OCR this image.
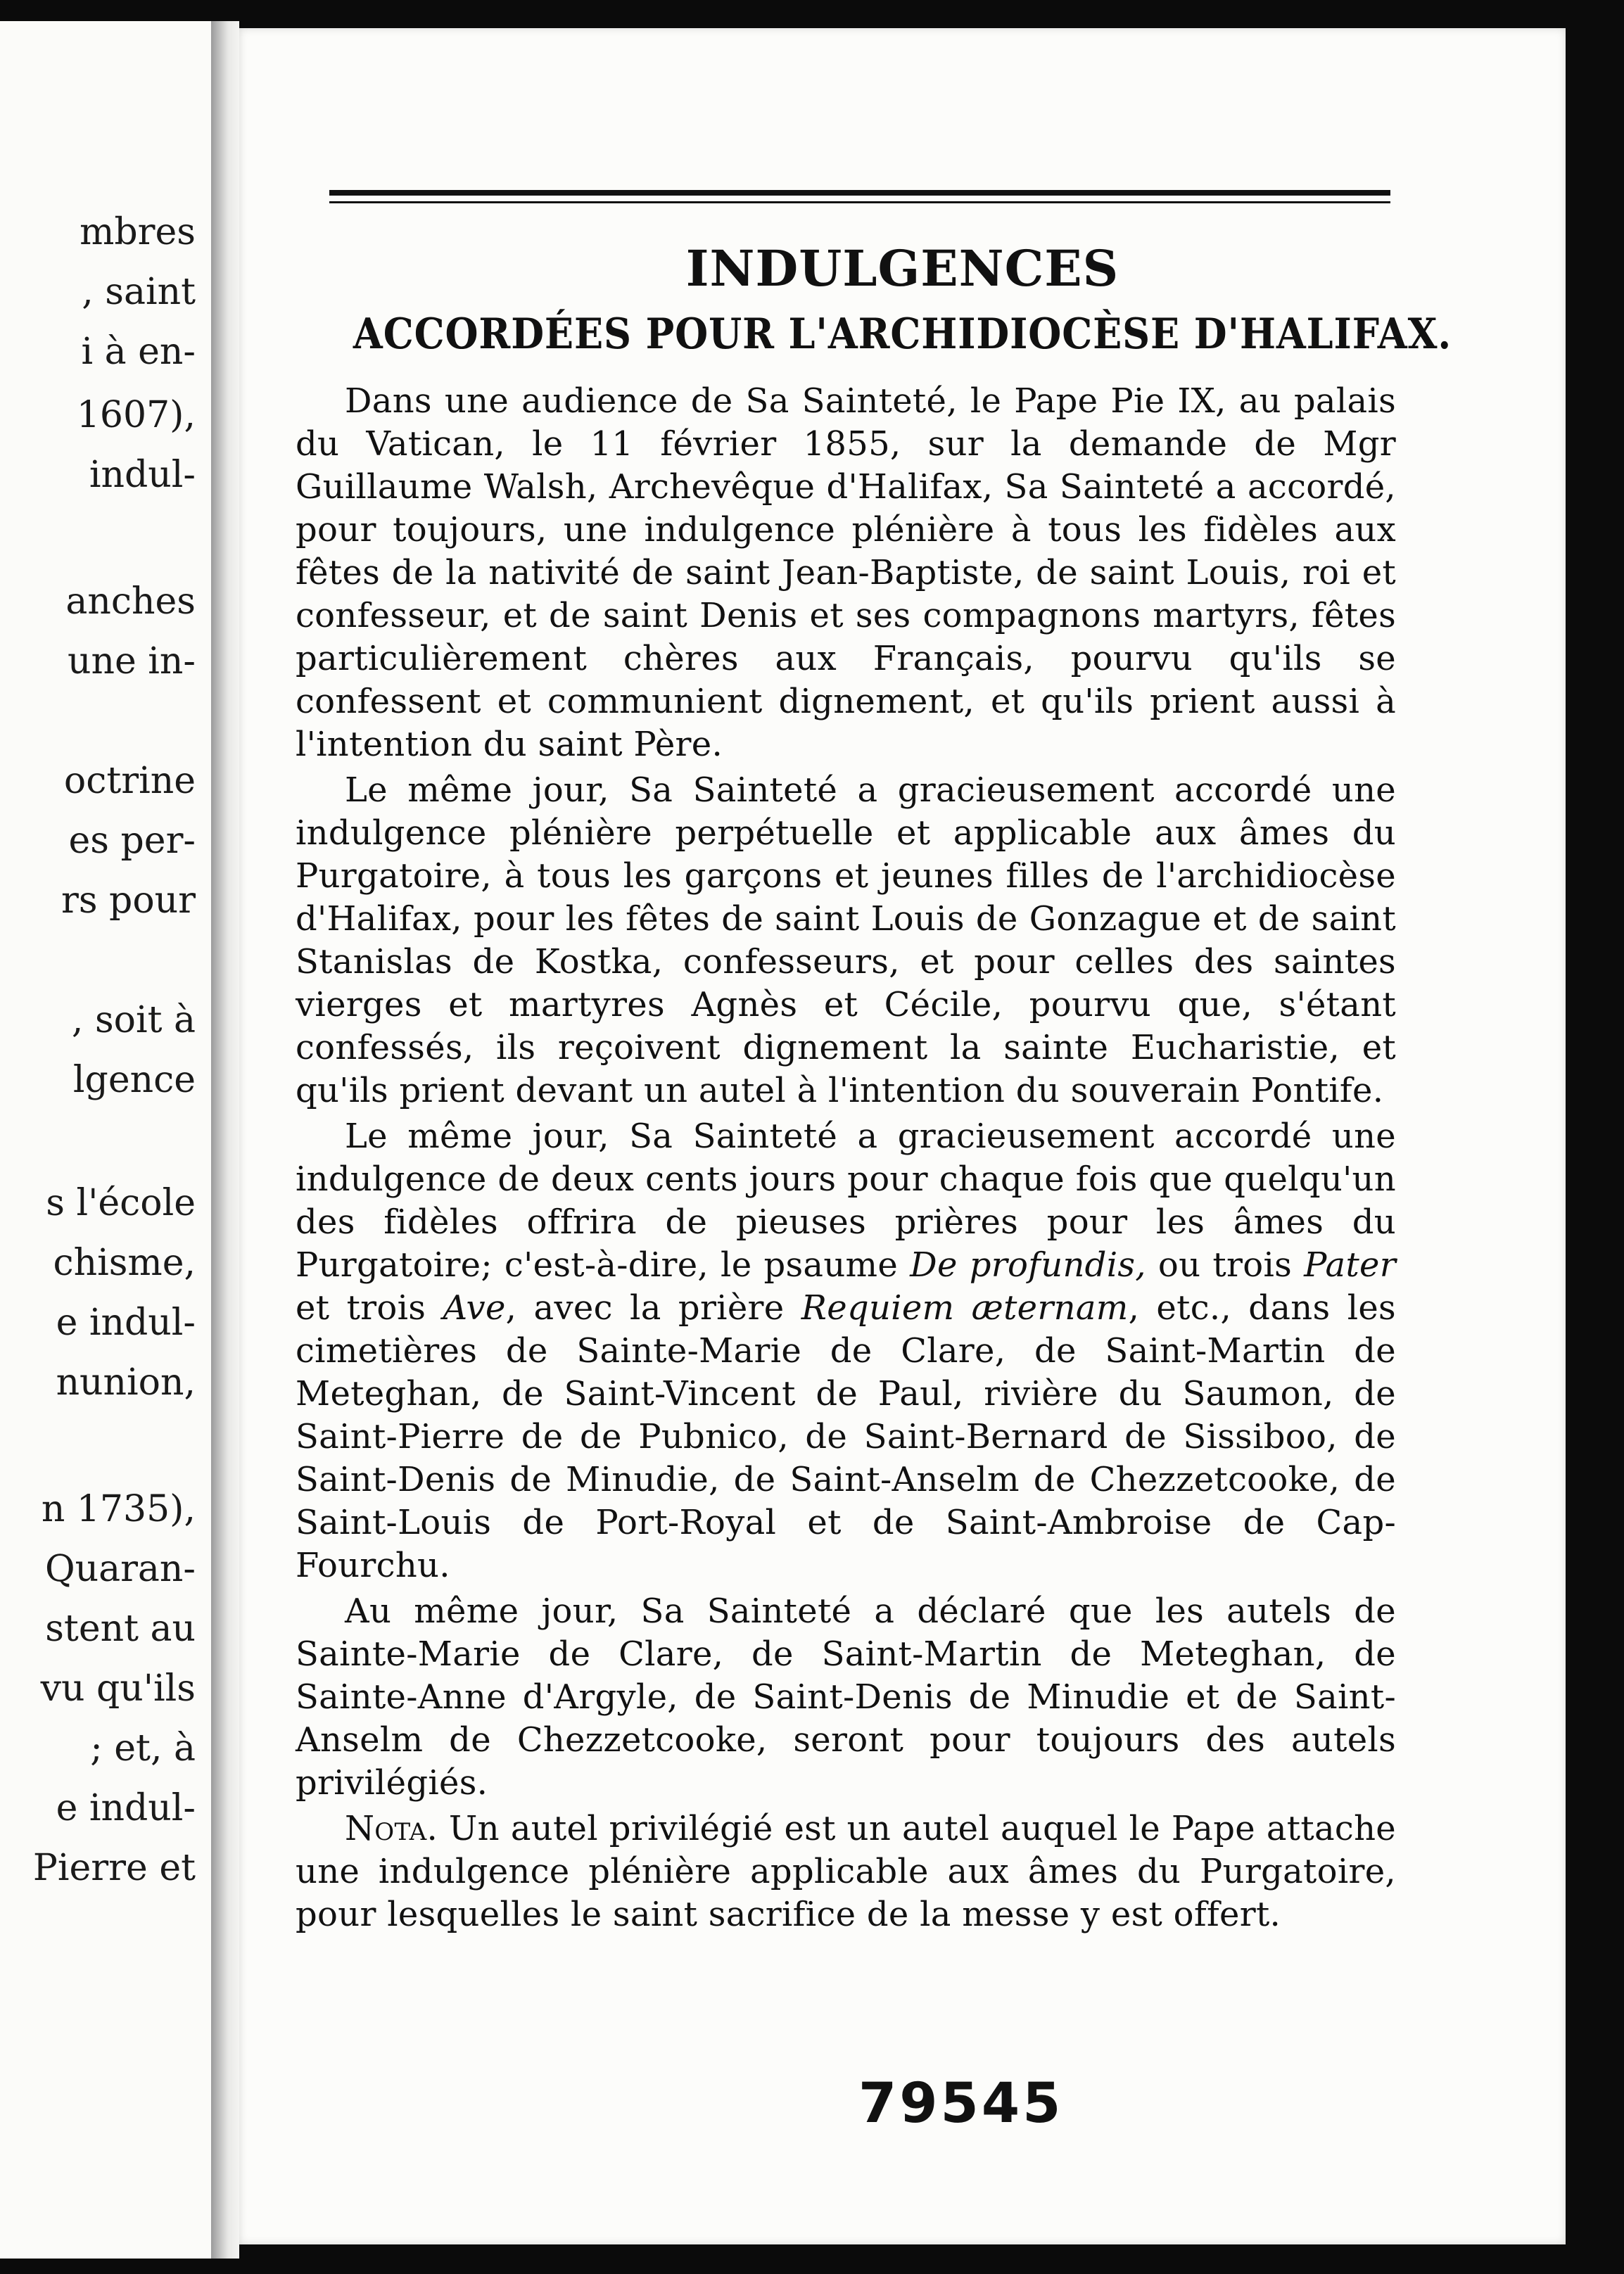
mbres
, saint
i à en-
1607),
indul-
anches
une in-
octrine
es per-
rs pour
, soit à
lgence
s l'école
chisme,
e indul-
nunion,
n 1735),
Quaran-
stent au
vu qu'ils
; et, à
e indul-
Pierre et
INDULGENCES
ACCORDÉES POUR L'ARCHIDIOCÈSE D'HALIFAX.

Dans une audience de Sa Sainteté, le Pape Pie IX, au palais du Vatican, le 11 février 1855, sur la demande de Mgr Guillaume Walsh, Archevêque d'Halifax, Sa Sainteté a accordé, pour toujours, une indulgence plénière à tous les fidèles aux fêtes de la nativité de saint Jean-Baptiste, de saint Louis, roi et confesseur, et de saint Denis et ses compagnons martyrs, fêtes particulièrement chères aux Français, pourvu qu'ils se confessent et communient dignement, et qu'ils prient aussi à l'intention du saint Père.

Le même jour, Sa Sainteté a gracieusement accordé une indulgence plénière perpétuelle et applicable aux âmes du Purgatoire, à tous les garçons et jeunes filles de l'archidiocèse d'Halifax, pour les fêtes de saint Louis de Gonzague et de saint Stanislas de Kostka, confesseurs, et pour celles des saintes vierges et martyres Agnès et Cécile, pourvu que, s'étant confessés, ils reçoivent dignement la sainte Eucharistie, et qu'ils prient devant un autel à l'intention du souverain Pontife.

Le même jour, Sa Sainteté a gracieusement accordé une indulgence de deux cents jours pour chaque fois que quelqu'un des fidèles offrira de pieuses prières pour les âmes du Purgatoire; c'est-à-dire, le psaume De profundis, ou trois Pater et trois Ave, avec la prière Requiem æternam, etc., dans les cimetières de Sainte-Marie de Clare, de Saint-Martin de Meteghan, de Saint-Vincent de Paul, rivière du Saumon, de Saint-Pierre de de Pubnico, de Saint-Bernard de Sissiboo, de Saint-Denis de Minudie, de Saint-Anselm de Chezzetcooke, de Saint-Louis de Port-Royal et de Saint-Ambroise de Cap-Fourchu.

Au même jour, Sa Sainteté a déclaré que les autels de Sainte-Marie de Clare, de Saint-Martin de Meteghan, de Sainte-Anne d'Argyle, de Saint-Denis de Minudie et de Saint-Anselm de Chezzetcooke, seront pour toujours des autels privilégiés.

Nota. Un autel privilégié est un autel auquel le Pape attache une indulgence plénière applicable aux âmes du Purgatoire, pour lesquelles le saint sacrifice de la messe y est offert.

79545
